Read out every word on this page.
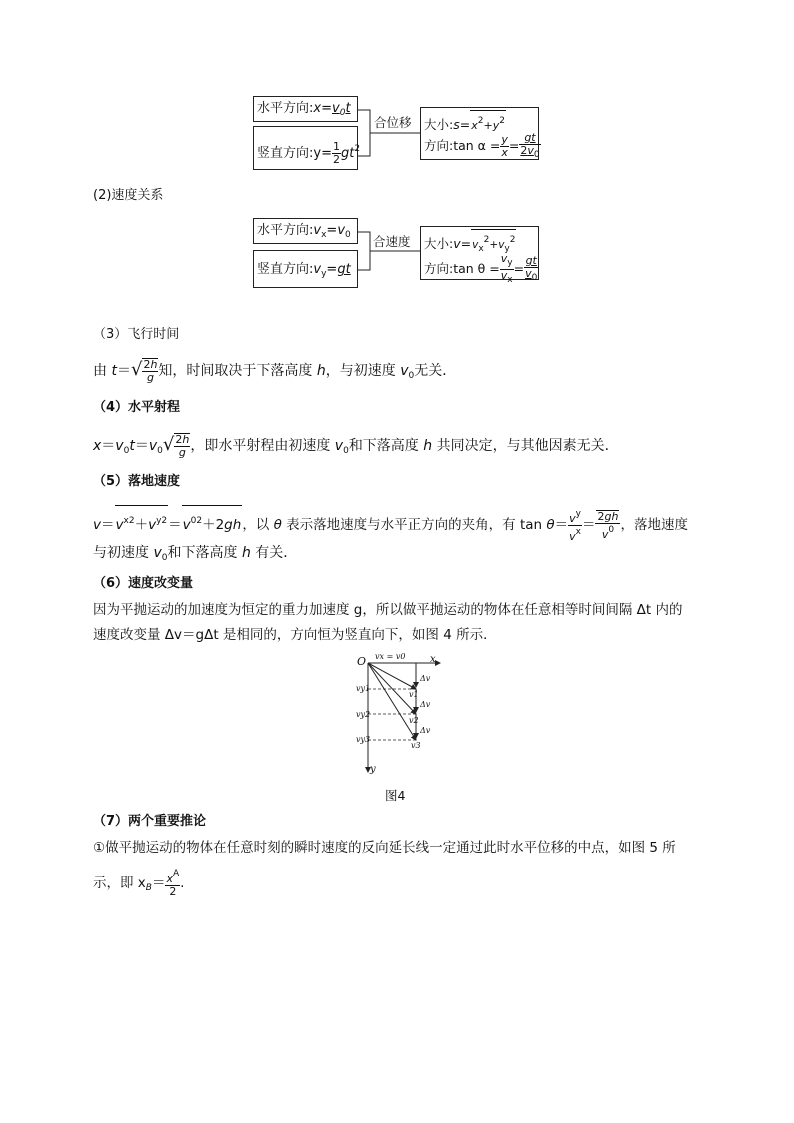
水平方向$:x=v_0t$
竖直方向:y= $\frac{1}{2} gt^2$
合位移 大小$:s=x^2+y^2$
方向:tan $\alpha = \frac{y}{x} = \frac{gt}{2v_0}$
(2)速度关系
水平方向$:v_x=v_0$
竖直方向$:v_y=gt$
合速度 大小:v=vx2+vy2
方向:tan $\theta = \frac{v_y}{v_x} = \frac{gt}{v_0}$
（3）飞行时间
由 $t=√ \frac{2h}{g}$ 知，时间取决于下落高度 h，与初速度 $v_0$无关．
（4）水平射程
$x=v_0t=v_0√ \frac{2h}{g}$ ，即水平射程由初速度 $v_0$和下落高度 h 共同决定，与其他因素无关．
（5）落地速度
$v=v^{x2}+v^{y2}=v^{02}+2gh$，以 θ 表示落地速度与水平正方向的夹角，有 $\tan \theta= \frac{v^y}{v^x} = \frac{2gh}{v^0}$ ，落地速度
与初速度 $v_0$和下落高度 h 有关．
（6）速度改变量
因为平抛运动的加速度为恒定的重力加速度 g，所以做平抛运动的物体在任意相等时间间隔 Δt 内的
速度改变量 Δv＝gΔt 是相同的，方向恒为竖直向下，如图 4 所示．
O vx = v0 x
y
vy1
vy2
vy3
Δv
Δv
Δv
v1
v2
v3
图4
（7）两个重要推论
①做平抛运动的物体在任意时刻的瞬时速度的反向延长线一定通过此时水平位移的中点，如图 5 所
示，即 $x_B= \frac{x^A}{2}$ .
